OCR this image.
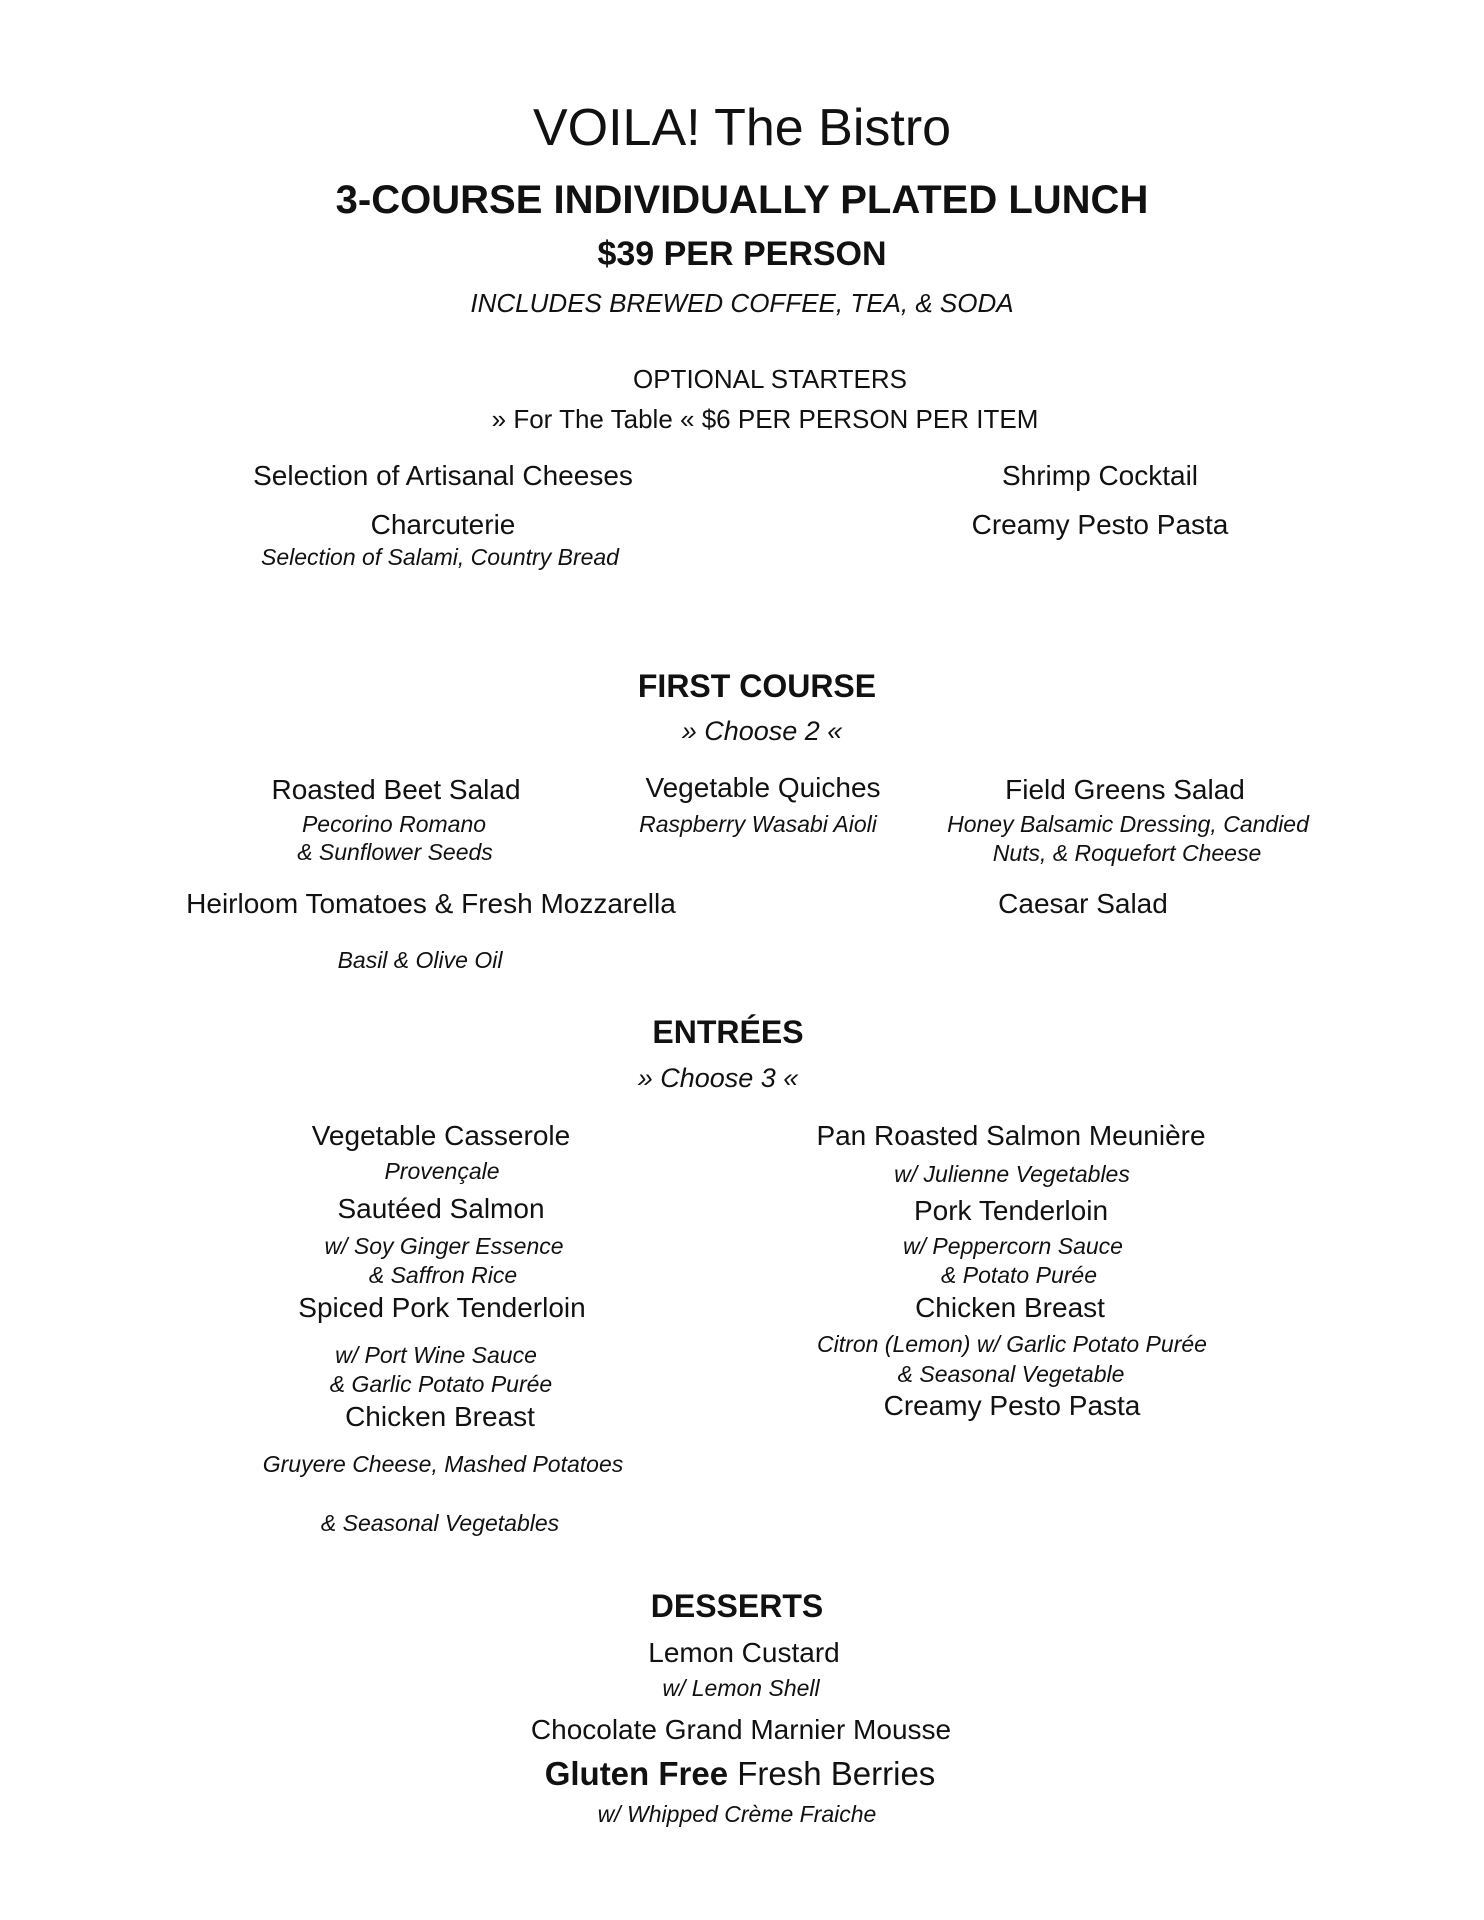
VOILA! The Bistro
3-COURSE INDIVIDUALLY PLATED LUNCH
$39 PER PERSON
INCLUDES BREWED COFFEE, TEA, & SODA
OPTIONAL STARTERS
» For The Table « $6 PER PERSON PER ITEM
Selection of Artisanal Cheeses	Shrimp Cocktail
Charcuterie
Selection of Salami, Country Bread
Creamy Pesto Pasta
FIRST COURSE
» Choose 2 «
Roasted Beet Salad
Pecorino Romano
& Sunflower Seeds
Vegetable Quiches
Raspberry Wasabi Aioli
Field Greens Salad
Honey Balsamic Dressing, Candied
Nuts, & Roquefort Cheese
Heirloom Tomatoes & Fresh Mozzarella
Basil & Olive Oil
Caesar Salad
ENTRÉES
» Choose 3 «
Vegetable Casserole
Provençale
Sautéed Salmon
w/ Soy Ginger Essence
& Saffron Rice
Spiced Pork Tenderloin
w/ Port Wine Sauce
& Garlic Potato Purée
Chicken Breast
Gruyere Cheese, Mashed Potatoes
& Seasonal Vegetables
Pan Roasted Salmon Meunière
w/ Julienne Vegetables
Pork Tenderloin
w/ Peppercorn Sauce
& Potato Purée
Chicken Breast
Citron (Lemon) w/ Garlic Potato Purée
& Seasonal Vegetable
Creamy Pesto Pasta
DESSERTS
Lemon Custard
w/ Lemon Shell
Chocolate Grand Marnier Mousse
Gluten Free Fresh Berries
w/ Whipped Crème Fraiche
